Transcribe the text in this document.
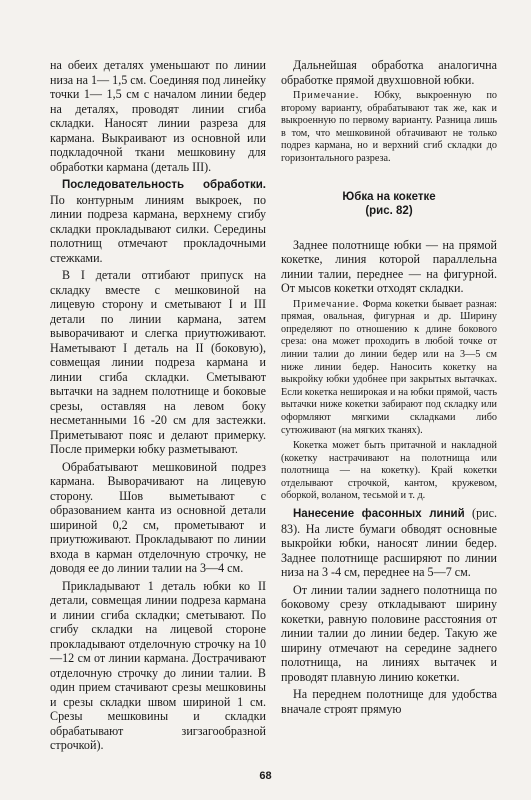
на обеих деталях уменьшают по линии низа на 1— 1,5 см. Соединяя под линейку точки 1— 1,5 см с началом линии бедер на деталях, проводят линии сгиба складки. Наносят линии разреза для кармана. Выкраивают из основной или подкладочной ткани мешковину для обработки кармана (деталь III).

Последовательность обработки. По контурным линиям выкроек, по линии подреза кармана, верхнему сгибу складки прокладывают силки. Середины полотнищ отмечают прокладочными стежками.

В I детали отгибают припуск на складку вместе с мешковиной на лицевую сторону и сметывают I и III детали по линии кармана, затем выворачивают и слегка приутюживают. Наметывают I деталь на II (боковую), совмещая линии подреза кармана и линии сгиба складки. Сметывают вытачки на заднем полотнище и боковые срезы, оставляя на левом боку несметанными 16 -20 см для застежки. Приметывают пояс и делают примерку. После примерки юбку разметывают.

Обрабатывают мешковиной подрез кармана. Выворачивают на лицевую сторону. Шов выметывают с образованием канта из основной детали шириной 0,2 см, прометывают и приутюживают. Прокладывают по линии входа в карман отделочную строчку, не доводя ее до линии талии на 3—4 см.

Прикладывают 1 деталь юбки ко II детали, совмещая линии подреза кармана и линии сгиба складки; сметывают. По сгибу складки на лицевой стороне прокладывают отделочную строчку на 10—12 см от линии кармана. Дострачивают отделочную строчку до линии талии. В один прием стачивают срезы мешковины и срезы складки швом шириной 1 см. Срезы мешковины и складки обрабатывают зигзагообразной строчкой).

Дальнейшая обработка аналогична обработке прямой двухшовной юбки.

Примечание. Юбку, выкроенную по второму варианту, обрабатывают так же, как и выкроенную по первому варианту. Разница лишь в том, что мешковиной обтачивают не только подрез кармана, но и верхний сгиб складки до горизонтального разреза.

Юбка на кокетке
(рис. 82)

Заднее полотнище юбки — на прямой кокетке, линия которой параллельна линии талии, переднее — на фигурной. От мысов кокетки отходят складки.

Примечание. Форма кокетки бывает разная: прямая, овальная, фигурная и др. Ширину определяют по отношению к длине бокового среза: она может проходить в любой точке от линии талии до линии бедер или на 3—5 см ниже линии бедер. Наносить кокетку на выкройку юбки удобнее при закрытых вытачках. Если кокетка неширокая и на юбки прямой, часть вытачки ниже кокетки забирают под складку или оформляют мягкими складками либо сутюживают (на мягких тканях).

Кокетка может быть притачной и накладной (кокетку настрачивают на полотнища или полотнища — на кокетку). Край кокетки отделывают строчкой, кантом, кружевом, оборкой, воланом, тесьмой и т. д.

Нанесение фасонных линий (рис. 83). На листе бумаги обводят основные выкройки юбки, наносят линии бедер. Заднее полотнище расширяют по линии низа на 3 -4 см, переднее на 5—7 см.

От линии талии заднего полотнища по боковому срезу откладывают ширину кокетки, равную половине расстояния от линии талии до линии бедер. Такую же ширину отмечают на середине заднего полотнища, на линиях вытачек и проводят плавную линию кокетки.

На переднем полотнище для удобства вначале строят прямую

68
